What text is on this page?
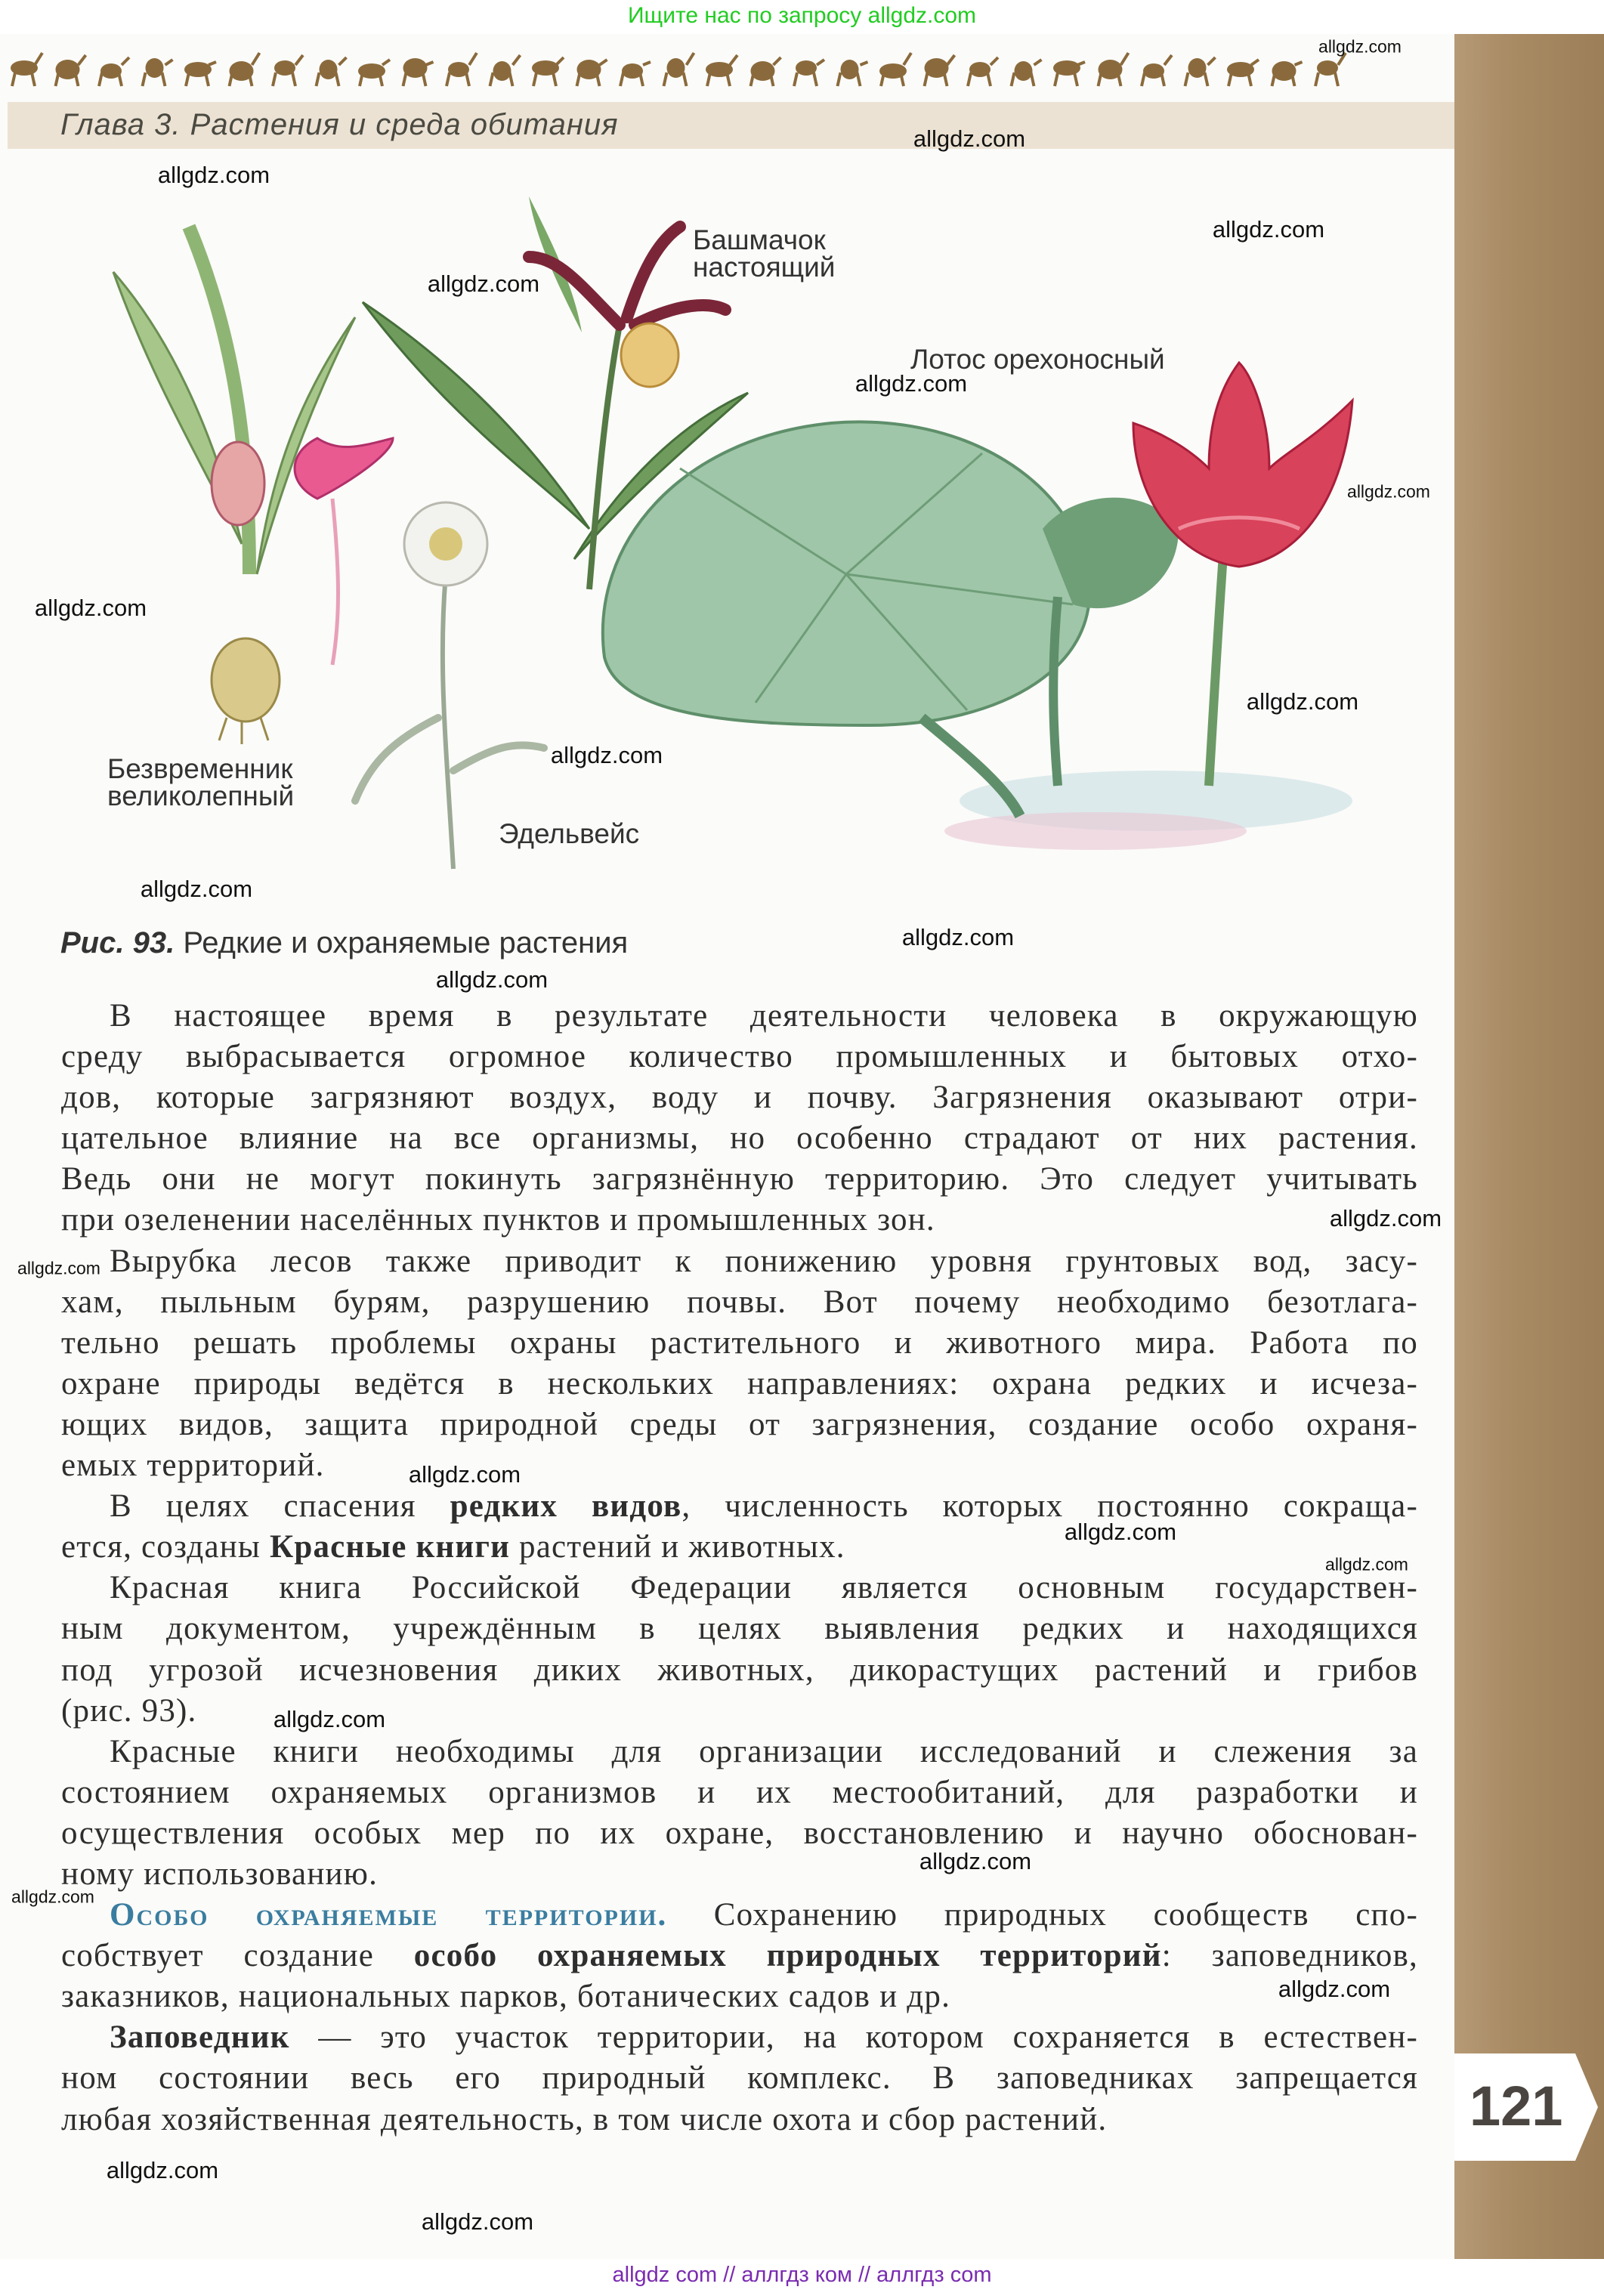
Ищите нас по запросу allgdz.com
Глава 3. Растения и среда обитания
Башмачок
настоящий
Лотос орехоносный
Безвременник
великолепный
Эдельвейс
Рис. 93. Редкие и охраняемые растения
В настоящее время в результате деятельности человека в окружающую
среду выбрасывается огромное количество промышленных и бытовых отхо-
дов, которые загрязняют воздух, воду и почву. Загрязнения оказывают отри-
цательное влияние на все организмы, но особенно страдают от них растения.
Ведь они не могут покинуть загрязнённую территорию. Это следует учитывать
при озеленении населённых пунктов и промышленных зон.
Вырубка лесов также приводит к понижению уровня грунтовых вод, засу-
хам, пыльным бурям, разрушению почвы. Вот почему необходимо безотлага-
тельно решать проблемы охраны растительного и животного мира. Работа по
охране природы ведётся в нескольких направлениях: охрана редких и исчеза-
ющих видов, защита природной среды от загрязнения, создание особо охраня-
емых территорий.
В целях спасения редких видов, численность которых постоянно сокраща-
ется, созданы Красные книги растений и животных.
Красная книга Российской Федерации является основным государствен-
ным документом, учреждённым в целях выявления редких и находящихся
под угрозой исчезновения диких животных, дикорастущих растений и грибов
(рис. 93).
Красные книги необходимы для организации исследований и слежения за
состоянием охраняемых организмов и их местообитаний, для разработки и
осуществления особых мер по их охране, восстановлению и научно обоснован-
ному использованию.
Особо охраняемые территории. Сохранению природных сообществ спо-
собствует создание особо охраняемых природных территорий: заповедников,
заказников, национальных парков, ботанических садов и др.
Заповедник — это участок территории, на котором сохраняется в естествен-
ном состоянии весь его природный комплекс. В заповедниках запрещается
любая хозяйственная деятельность, в том числе охота и сбор растений.
allgdz.com
allgdz.com
allgdz.com
allgdz.com
allgdz.com
allgdz.com
allgdz.com
allgdz.com
allgdz.com
allgdz.com
allgdz.com
allgdz.com
allgdz.com
allgdz.com
allgdz.com
allgdz.com
allgdz.com
allgdz.com
allgdz.com
allgdz.com
allgdz.com
allgdz.com
allgdz.com
allgdz.com
121
allgdz com // аллгдз ком // аллгдз com
